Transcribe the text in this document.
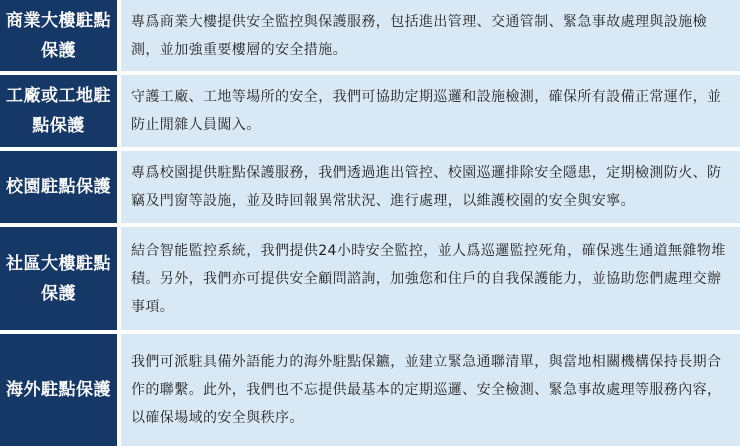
商業大樓駐點保護
專爲商業大樓提供安全監控與保護服務，包括進出管理、交通管制、緊急事故處理與設施檢測，並加強重要樓層的安全措施。
工廠或工地駐點保護
守護工廠、工地等場所的安全，我們可協助定期巡邏和設施檢測，確保所有設備正常運作，並防止閒雜人員闖入。
校園駐點保護
專爲校園提供駐點保護服務，我們透過進出管控、校園巡邏排除安全隱患，定期檢測防火、防竊及門窗等設施，並及時回報異常狀況、進行處理，以維護校園的安全與安寧。
社區大樓駐點保護
結合智能監控系統，我們提供24小時安全監控，並人爲巡邏監控死角，確保逃生通道無雜物堆積。另外，我們亦可提供安全顧問諮詢，加強您和住戶的自我保護能力，並協助您們處理交辦事項。
海外駐點保護
我們可派駐具備外語能力的海外駐點保鑣，並建立緊急通聯清單，與當地相關機構保持長期合作的聯繫。此外，我們也不忘提供最基本的定期巡邏、安全檢測、緊急事故處理等服務內容，以確保場域的安全與秩序。
